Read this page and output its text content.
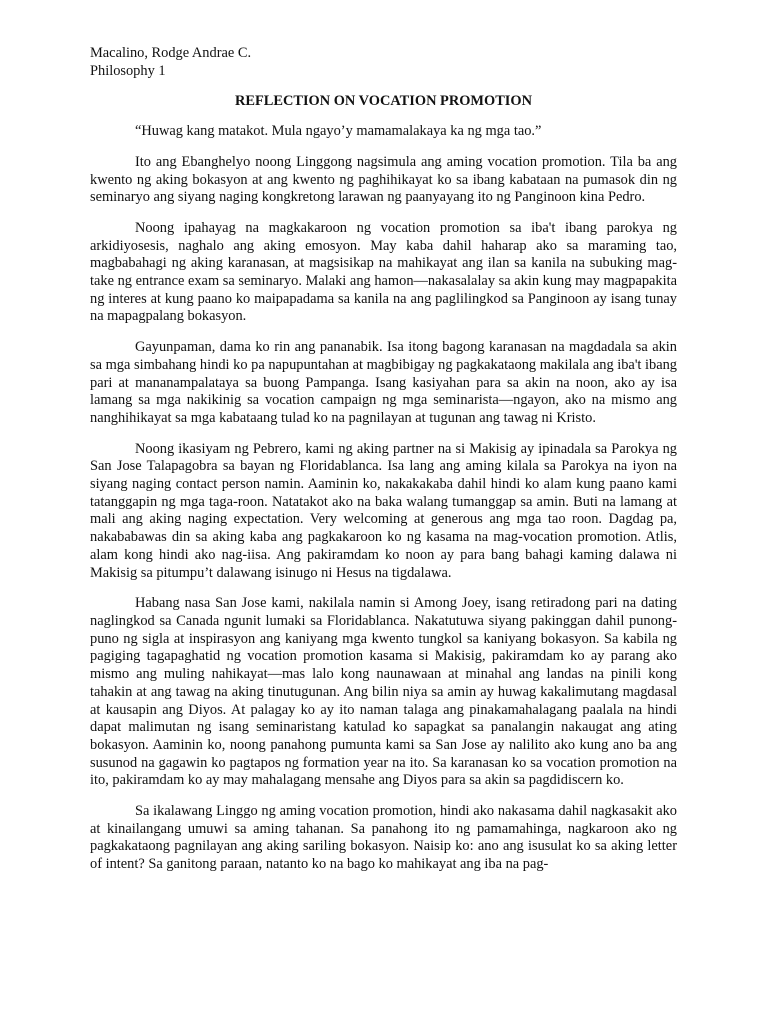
Macalino, Rodge Andrae C.

Philosophy 1

REFLECTION ON VOCATION PROMOTION

“Huwag kang matakot. Mula ngayo’y mamamalakaya ka ng mga tao.”

Ito ang Ebanghelyo noong Linggong nagsimula ang aming vocation promotion. Tila ba ang kwento ng aking bokasyon at ang kwento ng paghihikayat ko sa ibang kabataan na pumasok din ng seminaryo ang siyang naging kongkretong larawan ng paanyayang ito ng Panginoon kina Pedro.

Noong ipahayag na magkakaroon ng vocation promotion sa iba't ibang parokya ng arkidiyosesis, naghalo ang aking emosyon. May kaba dahil haharap ako sa maraming tao, magbabahagi ng aking karanasan, at magsisikap na mahikayat ang ilan sa kanila na subuking mag-take ng entrance exam sa seminaryo. Malaki ang hamon—nakasalalay sa akin kung may magpapakita ng interes at kung paano ko maipapadama sa kanila na ang paglilingkod sa Panginoon ay isang tunay na mapagpalang bokasyon.

Gayunpaman, dama ko rin ang pananabik. Isa itong bagong karanasan na magdadala sa akin sa mga simbahang hindi ko pa napupuntahan at magbibigay ng pagkakataong makilala ang iba't ibang pari at mananampalataya sa buong Pampanga. Isang kasiyahan para sa akin na noon, ako ay isa lamang sa mga nakikinig sa vocation campaign ng mga seminarista—ngayon, ako na mismo ang nanghihikayat sa mga kabataang tulad ko na pagnilayan at tugunan ang tawag ni Kristo.

Noong ikasiyam ng Pebrero, kami ng aking partner na si Makisig ay ipinadala sa Parokya ng San Jose Talapagobra sa bayan ng Floridablanca. Isa lang ang aming kilala sa Parokya na iyon na siyang naging contact person namin. Aaminin ko, nakakakaba dahil hindi ko alam kung paano kami tatanggapin ng mga taga-roon. Natatakot ako na baka walang tumanggap sa amin. Buti na lamang at mali ang aking naging expectation. Very welcoming at generous ang mga tao roon. Dagdag pa, nakababawas din sa aking kaba ang pagkakaroon ko ng kasama na mag-vocation promotion. Atlis, alam kong hindi ako nag-iisa. Ang pakiramdam ko noon ay para bang bahagi kaming dalawa ni Makisig sa pitumpu’t dalawang isinugo ni Hesus na tigdalawa.

Habang nasa San Jose kami, nakilala namin si Among Joey, isang retiradong pari na dating naglingkod sa Canada ngunit lumaki sa Floridablanca. Nakatutuwa siyang pakinggan dahil punong-puno ng sigla at inspirasyon ang kaniyang mga kwento tungkol sa kaniyang bokasyon. Sa kabila ng pagiging tagapaghatid ng vocation promotion kasama si Makisig, pakiramdam ko ay parang ako mismo ang muling nahikayat—mas lalo kong naunawaan at minahal ang landas na pinili kong tahakin at ang tawag na aking tinutugunan. Ang bilin niya sa amin ay huwag kakalimutang magdasal at kausapin ang Diyos. At palagay ko ay ito naman talaga ang pinakamahalagang paalala na hindi dapat malimutan ng isang seminaristang katulad ko sapagkat sa panalangin nakaugat ang ating bokasyon. Aaminin ko, noong panahong pumunta kami sa San Jose ay nalilito ako kung ano ba ang susunod na gagawin ko pagtapos ng formation year na ito. Sa karanasan ko sa vocation promotion na ito, pakiramdam ko ay may mahalagang mensahe ang Diyos para sa akin sa pagdidiscern ko.

Sa ikalawang Linggo ng aming vocation promotion, hindi ako nakasama dahil nagkasakit ako at kinailangang umuwi sa aming tahanan. Sa panahong ito ng pamamahinga, nagkaroon ako ng pagkakataong pagnilayan ang aking sariling bokasyon. Naisip ko: ano ang isusulat ko sa aking letter of intent? Sa ganitong paraan, natanto ko na bago ko mahikayat ang iba na pag-
